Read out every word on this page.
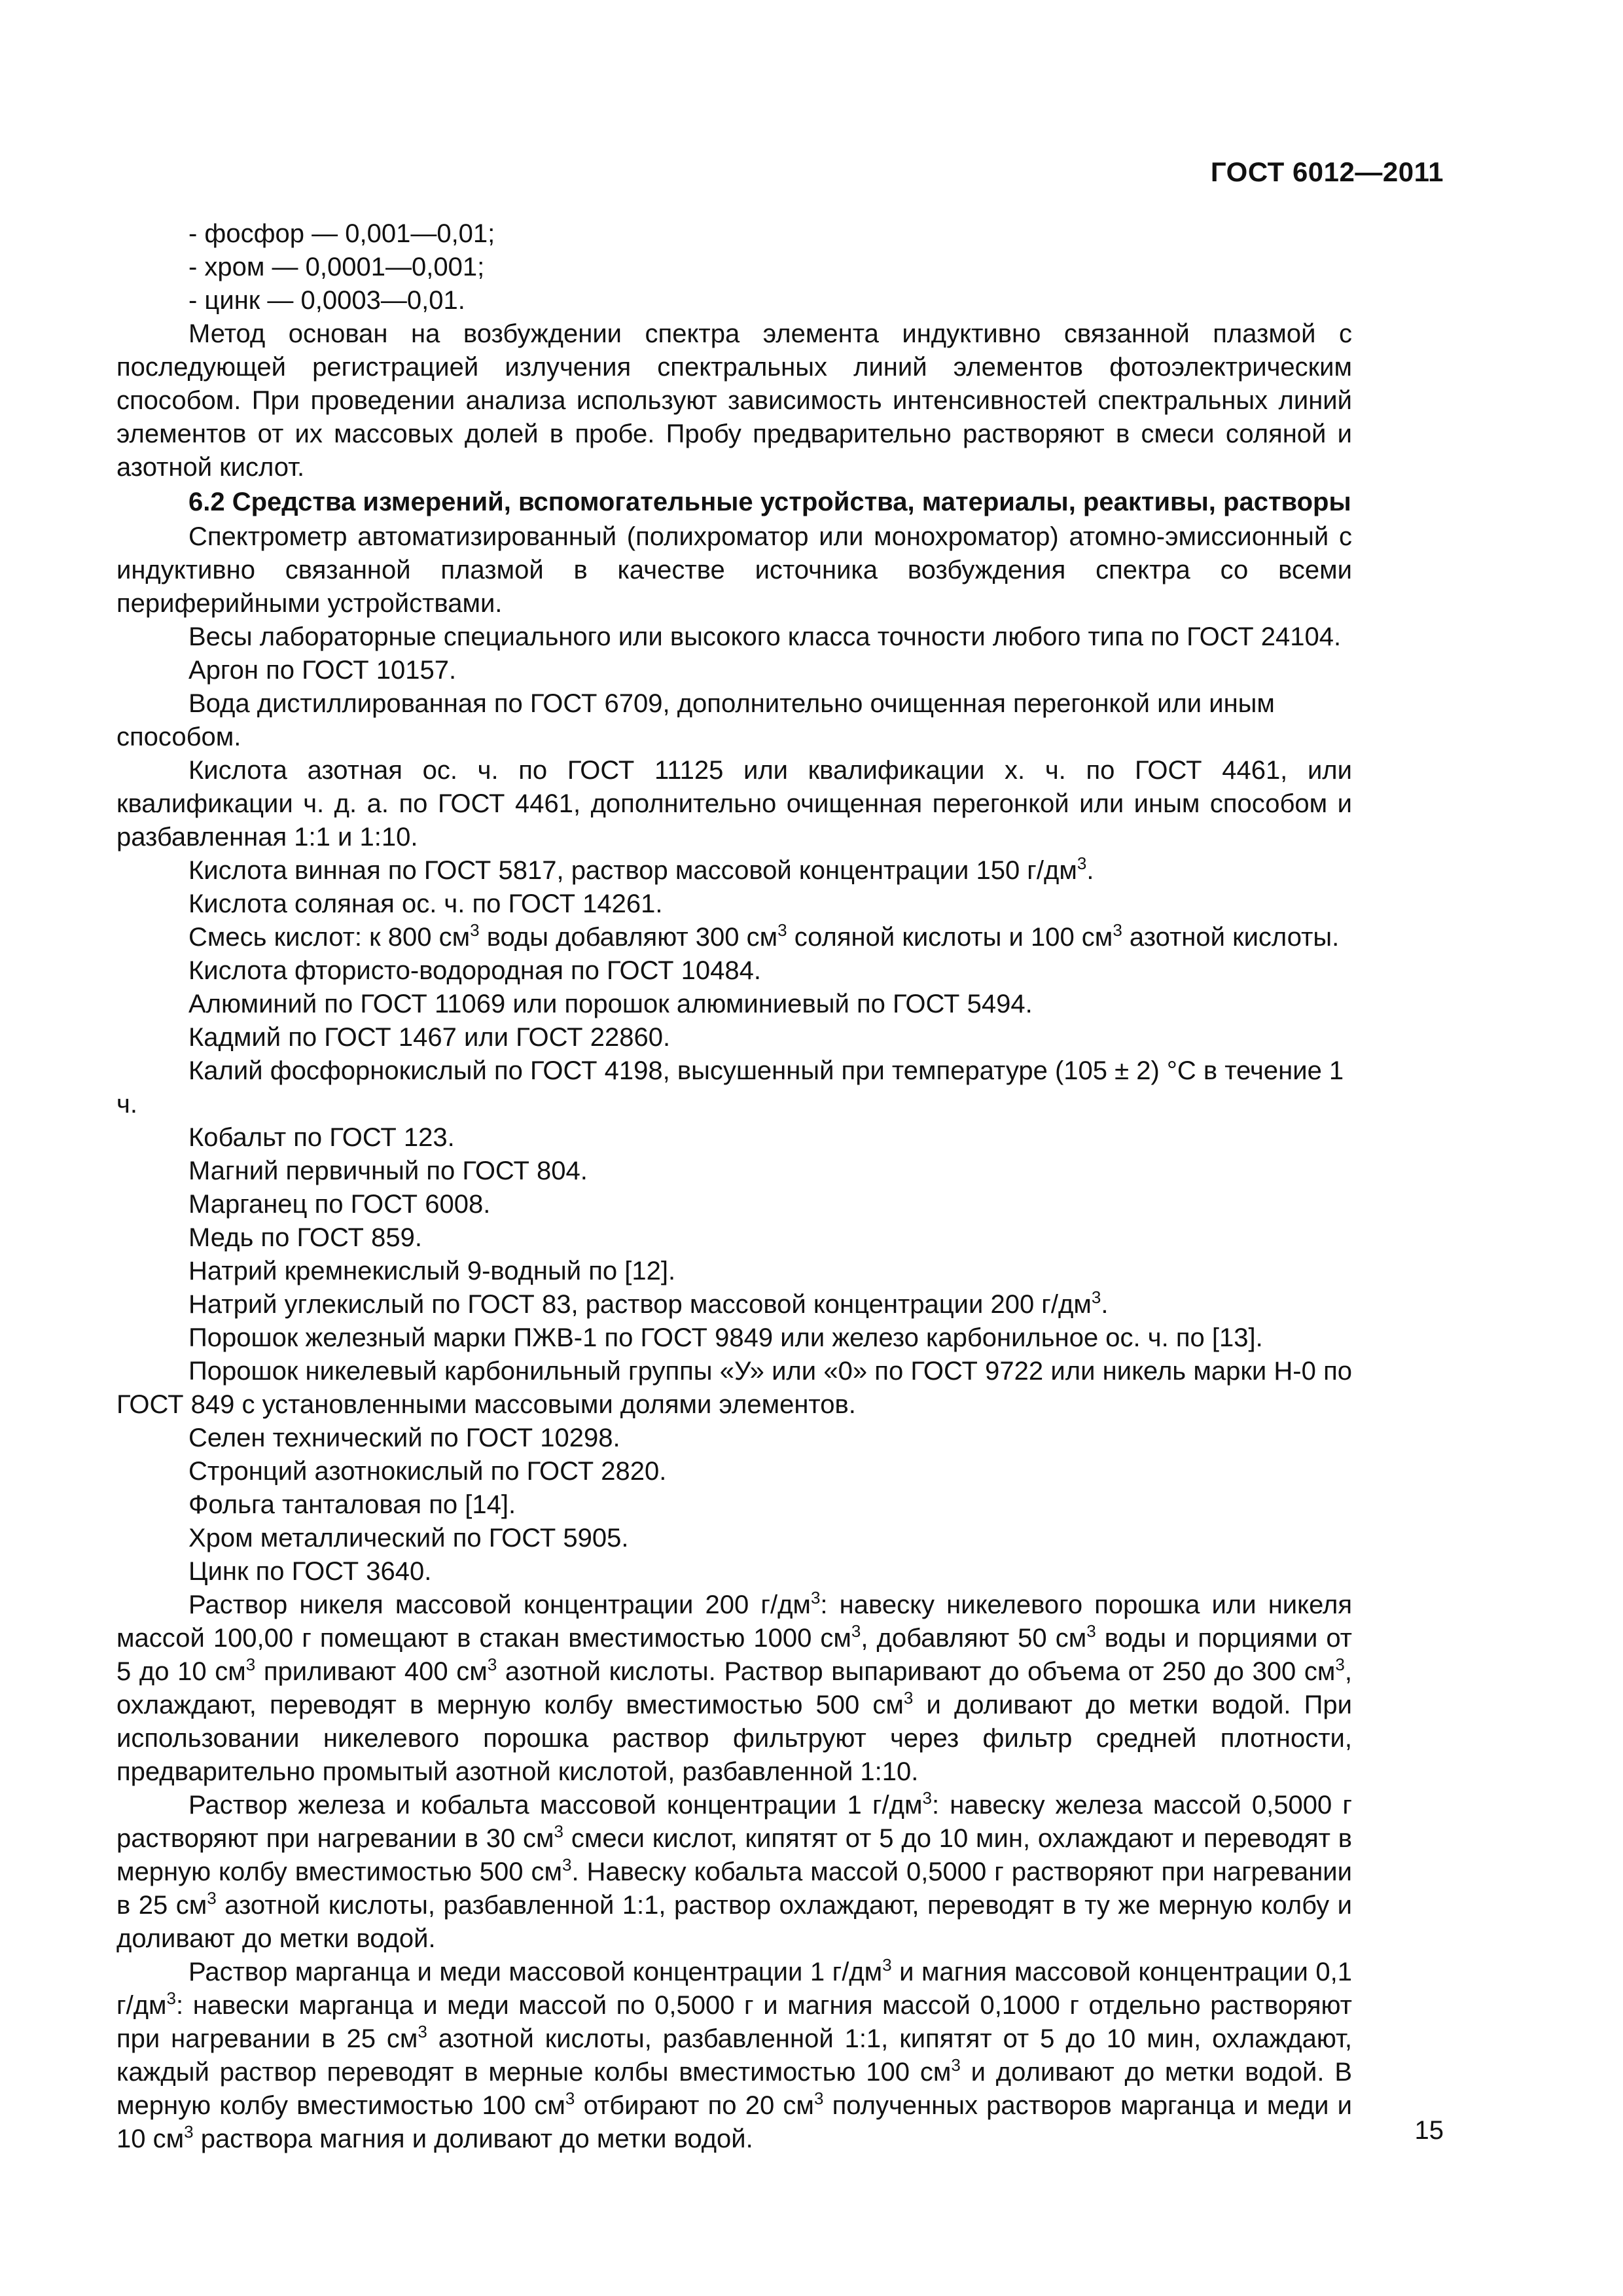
ГОСТ 6012—2011

- фосфор — 0,001—0,01;

- хром — 0,0001—0,001;

- цинк — 0,0003—0,01.

Метод основан на возбуждении спектра элемента индуктивно связанной плазмой с последующей регистрацией излучения спектральных линий элементов фотоэлектрическим способом. При проведении анализа используют зависимость интенсивностей спектральных линий элементов от их массовых долей в пробе. Пробу предварительно растворяют в смеси соляной и азотной кислот.

6.2 Средства измерений, вспомогательные устройства, материалы, реактивы, растворы

Спектрометр автоматизированный (полихроматор или монохроматор) атомно-эмиссионный с индуктивно связанной плазмой в качестве источника возбуждения спектра со всеми периферийными устройствами.

Весы лабораторные специального или высокого класса точности любого типа по ГОСТ 24104.

Аргон по ГОСТ 10157.

Вода дистиллированная по ГОСТ 6709, дополнительно очищенная перегонкой или иным способом.

Кислота азотная ос. ч. по ГОСТ 11125 или квалификации х. ч. по ГОСТ 4461, или квалификации ч. д. а. по ГОСТ 4461, дополнительно очищенная перегонкой или иным способом и разбавленная 1:1 и 1:10.

Кислота винная по ГОСТ 5817, раствор массовой концентрации 150 $г/дм^3$.

Кислота соляная ос. ч. по ГОСТ 14261.

Смесь кислот: к 800 $см^3$ воды добавляют 300 $см^3$ соляной кислоты и 100 $см^3$ азотной кислоты.

Кислота фтористо-водородная по ГОСТ 10484.

Алюминий по ГОСТ 11069 или порошок алюминиевый по ГОСТ 5494.

Кадмий по ГОСТ 1467 или ГОСТ 22860.

Калий фосфорнокислый по ГОСТ 4198, высушенный при температуре (105 ± 2) °С в течение 1 ч.

Кобальт по ГОСТ 123.

Магний первичный по ГОСТ 804.

Марганец по ГОСТ 6008.

Медь по ГОСТ 859.

Натрий кремнекислый 9-водный по [12].

Натрий углекислый по ГОСТ 83, раствор массовой концентрации 200 $г/дм^3$.

Порошок железный марки ПЖВ-1 по ГОСТ 9849 или железо карбонильное ос. ч. по [13].

Порошок никелевый карбонильный группы «У» или «0» по ГОСТ 9722 или никель марки Н-0 по ГОСТ 849 с установленными массовыми долями элементов.

Селен технический по ГОСТ 10298.

Стронций азотнокислый по ГОСТ 2820.

Фольга танталовая по [14].

Хром металлический по ГОСТ 5905.

Цинк по ГОСТ 3640.

Раствор никеля массовой концентрации 200 $г/дм^3$: навеску никелевого порошка или никеля массой 100,00 г помещают в стакан вместимостью 1000 $см^3$, добавляют 50 $см^3$ воды и порциями от 5 до 10 $см^3$ приливают 400 $см^3$ азотной кислоты. Раствор выпаривают до объема от 250 до 300 $см^3$, охлаждают, переводят в мерную колбу вместимостью 500 $см^3$ и доливают до метки водой. При использовании никелевого порошка раствор фильтруют через фильтр средней плотности, предварительно промытый азотной кислотой, разбавленной 1:10.

Раствор железа и кобальта массовой концентрации 1 $г/дм^3$: навеску железа массой 0,5000 г растворяют при нагревании в 30 $см^3$ смеси кислот, кипятят от 5 до 10 мин, охлаждают и переводят в мерную колбу вместимостью 500 $см^3$. Навеску кобальта массой 0,5000 г растворяют при нагревании в 25 $см^3$ азотной кислоты, разбавленной 1:1, раствор охлаждают, переводят в ту же мерную колбу и доливают до метки водой.

Раствор марганца и меди массовой концентрации 1 $г/дм^3$ и магния массовой концентрации 0,1 $г/дм^3$: навески марганца и меди массой по 0,5000 г и магния массой 0,1000 г отдельно растворяют при нагревании в 25 $см^3$ азотной кислоты, разбавленной 1:1, кипятят от 5 до 10 мин, охлаждают, каждый раствор переводят в мерные колбы вместимостью 100 $см^3$ и доливают до метки водой. В мерную колбу вместимостью 100 $см^3$ отбирают по 20 $см^3$ полученных растворов марганца и меди и 10 $см^3$ раствора магния и доливают до метки водой.	15
